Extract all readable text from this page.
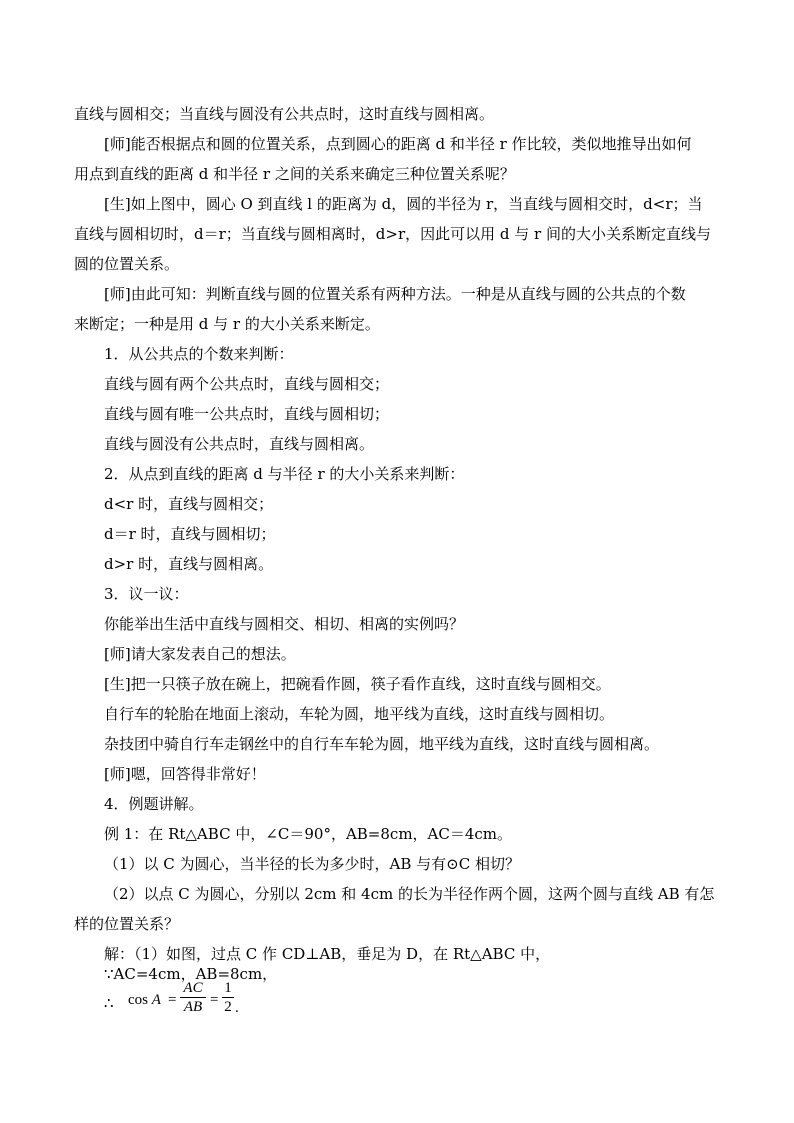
直线与圆相交；当直线与圆没有公共点时，这时直线与圆相离。
[师]能否根据点和圆的位置关系，点到圆心的距离 d 和半径 r 作比较，类似地推导出如何
用点到直线的距离 d 和半径 r 之间的关系来确定三种位置关系呢？
[生]如上图中，圆心 O 到直线 l 的距离为 d，圆的半径为 r，当直线与圆相交时，d<r；当
直线与圆相切时，d＝r；当直线与圆相离时，d>r，因此可以用 d 与 r 间的大小关系断定直线与
圆的位置关系。
[师]由此可知：判断直线与圆的位置关系有两种方法。一种是从直线与圆的公共点的个数
来断定；一种是用 d 与 r 的大小关系来断定。
1．从公共点的个数来判断：
直线与圆有两个公共点时，直线与圆相交；
直线与圆有唯一公共点时，直线与圆相切；
直线与圆没有公共点时，直线与圆相离。
2．从点到直线的距离 d 与半径 r 的大小关系来判断：
d<r 时，直线与圆相交；
d＝r 时，直线与圆相切；
d>r 时，直线与圆相离。
3．议一议：
你能举出生活中直线与圆相交、相切、相离的实例吗？
[师]请大家发表自己的想法。
[生]把一只筷子放在碗上，把碗看作圆，筷子看作直线，这时直线与圆相交。
自行车的轮胎在地面上滚动，车轮为圆，地平线为直线，这时直线与圆相切。
杂技团中骑自行车走钢丝中的自行车车轮为圆，地平线为直线，这时直线与圆相离。
[师]嗯，回答得非常好！
4．例题讲解。
例 1：在 Rt△ABC 中，∠C＝90°，AB=8cm，AC＝4cm。
（1）以 C 为圆心，当半径的长为多少时，AB 与有⊙C 相切？
（2）以点 C 为圆心，分别以 2cm 和 4cm 的长为半径作两个圆，这两个圆与直线 AB 有怎
样的位置关系？
解：（1）如图，过点 C 作 CD⊥AB，垂足为 D，在 Rt△ABC 中，
∵AC=4cm，AB=8cm，
∴ cos A =
AC
AB =
1
2 .
